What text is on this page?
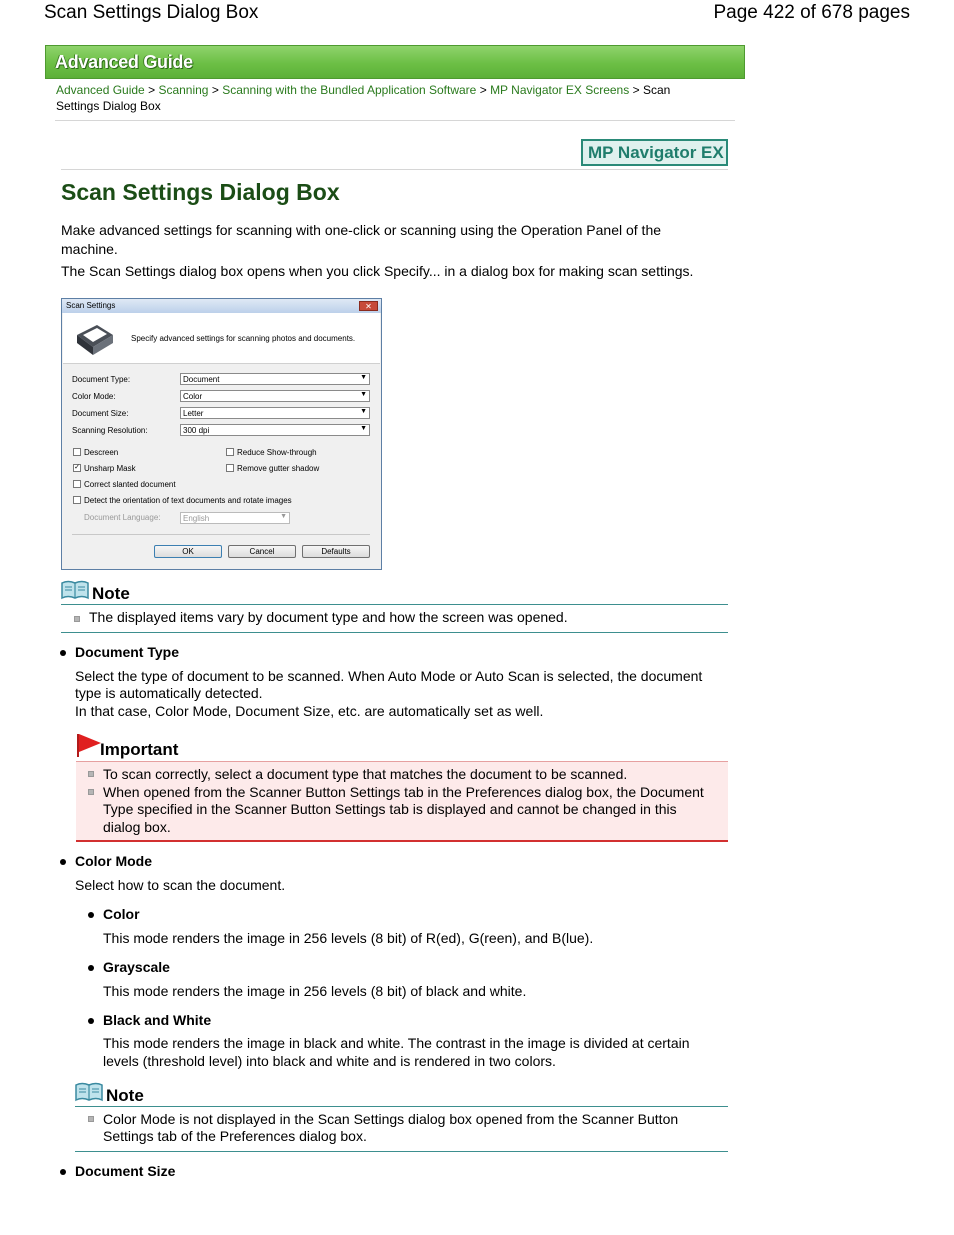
Scan Settings Dialog Box	Page 422 of 678 pages
Advanced Guide
Advanced Guide > Scanning > Scanning with the Bundled Application Software > MP Navigator EX Screens > Scan
Settings Dialog Box
MP Navigator EX
Scan Settings Dialog Box
Make advanced settings for scanning with one-click or scanning using the Operation Panel of the
machine.
The Scan Settings dialog box opens when you click Specify... in a dialog box for making scan settings.
Scan Settings	✕
Specify advanced settings for scanning photos and documents.
Document Type:	Document	▼
Color Mode:	Color	▼
Document Size:	Letter	▼
Scanning Resolution:	300 dpi	▼
Descreen	Reduce Show-through
✓ Unsharp Mask	Remove gutter shadow
Correct slanted document
Detect the orientation of text documents and rotate images
Document Language:	English	▼
OK	Cancel	Defaults
Note
The displayed items vary by document type and how the screen was opened.
Document Type
Select the type of document to be scanned. When Auto Mode or Auto Scan is selected, the document
type is automatically detected.
In that case, Color Mode, Document Size, etc. are automatically set as well.
Important
To scan correctly, select a document type that matches the document to be scanned.
When opened from the Scanner Button Settings tab in the Preferences dialog box, the Document
Type specified in the Scanner Button Settings tab is displayed and cannot be changed in this
dialog box.
Color Mode
Select how to scan the document.
Color
This mode renders the image in 256 levels (8 bit) of R(ed), G(reen), and B(lue).
Grayscale
This mode renders the image in 256 levels (8 bit) of black and white.
Black and White
This mode renders the image in black and white. The contrast in the image is divided at certain
levels (threshold level) into black and white and is rendered in two colors.
Note
Color Mode is not displayed in the Scan Settings dialog box opened from the Scanner Button
Settings tab of the Preferences dialog box.
Document Size
